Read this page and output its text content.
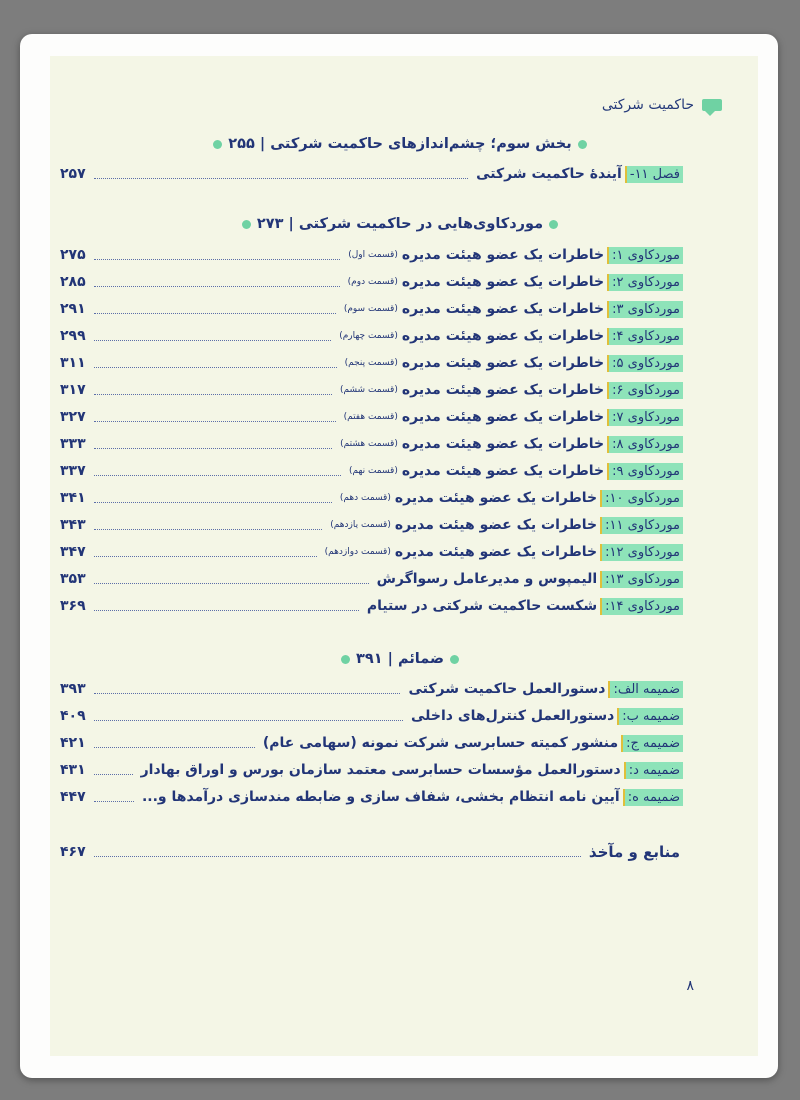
حاکمیت شرکتی
بخش سوم؛ چشم‌اندازهای حاکمیت شرکتی | ۲۵۵
فصل ۱۱-
آیندهٔ حاکمیت شرکتی
۲۵۷
موردکاوی‌هایی در حاکمیت شرکتی | ۲۷۳
موردکاوی ۱:
خاطرات یک عضو هیئت مدیره
(قسمت اول)
۲۷۵
موردکاوی ۲:
خاطرات یک عضو هیئت مدیره
(قسمت دوم)
۲۸۵
موردکاوی ۳:
خاطرات یک عضو هیئت مدیره
(قسمت سوم)
۲۹۱
موردکاوی ۴:
خاطرات یک عضو هیئت مدیره
(قسمت چهارم)
۲۹۹
موردکاوی ۵:
خاطرات یک عضو هیئت مدیره
(قسمت پنجم)
۳۱۱
موردکاوی ۶:
خاطرات یک عضو هیئت مدیره
(قسمت ششم)
۳۱۷
موردکاوی ۷:
خاطرات یک عضو هیئت مدیره
(قسمت هفتم)
۳۲۷
موردکاوی ۸:
خاطرات یک عضو هیئت مدیره
(قسمت هشتم)
۳۳۳
موردکاوی ۹:
خاطرات یک عضو هیئت مدیره
(قسمت نهم)
۳۳۷
موردکاوی ۱۰:
خاطرات یک عضو هیئت مدیره
(قسمت دهم)
۳۴۱
موردکاوی ۱۱:
خاطرات یک عضو هیئت مدیره
(قسمت یازدهم)
۳۴۳
موردکاوی ۱۲:
خاطرات یک عضو هیئت مدیره
(قسمت دوازدهم)
۳۴۷
موردکاوی ۱۳:
الیمپوس و مدیرعامل رسواگرش
۳۵۳
موردکاوی ۱۴:
شکست حاکمیت شرکتی در ستیام
۳۶۹
ضمائم | ۳۹۱
ضمیمه الف:
دستورالعمل حاکمیت شرکتی
۳۹۳
ضمیمه ب:
دستورالعمل کنترل‌های داخلی
۴۰۹
ضمیمه ج:
منشور کمیته حسابرسی شرکت نمونه (سهامی عام)
۴۲۱
ضمیمه د:
دستورالعمل مؤسسات حسابرسی معتمد سازمان بورس و اوراق بهادار
۴۳۱
ضمیمه ه:
آیین نامه انتظام بخشی، شفاف سازی و ضابطه مندسازی درآمدها و...
۴۴۷
منابع و مآخذ
۴۶۷
۸
